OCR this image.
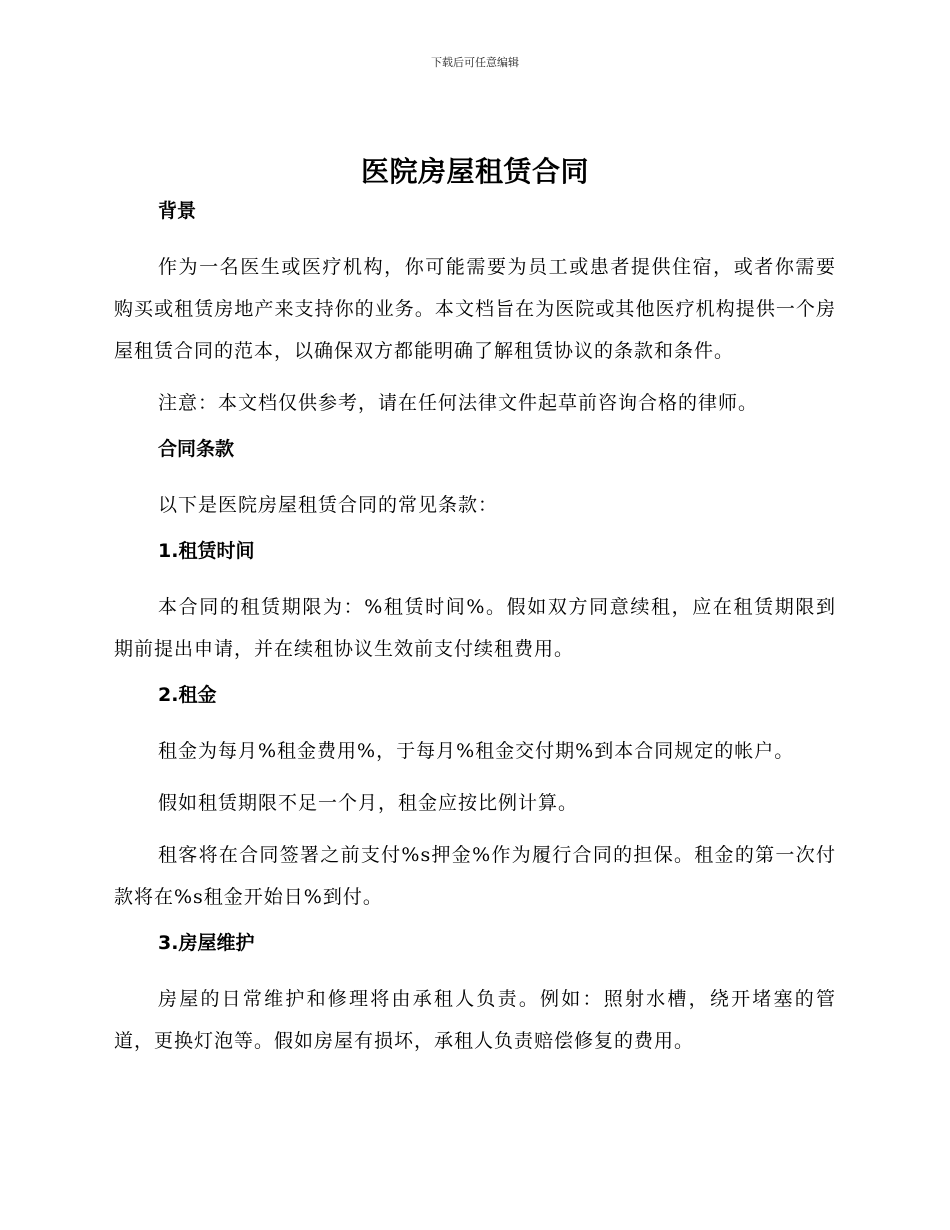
下载后可任意编辑
医院房屋租赁合同
背景

作为一名医生或医疗机构，你可能需要为员工或患者提供住宿，或者你需要购买或租赁房地产来支持你的业务。本文档旨在为医院或其他医疗机构提供一个房屋租赁合同的范本，以确保双方都能明确了解租赁协议的条款和条件。

注意：本文档仅供参考，请在任何法律文件起草前咨询合格的律师。

合同条款

以下是医院房屋租赁合同的常见条款：

1.租赁时间

本合同的租赁期限为：%租赁时间%。假如双方同意续租，应在租赁期限到期前提出申请，并在续租协议生效前支付续租费用。

2.租金

租金为每月%租金费用%，于每月%租金交付期%到本合同规定的帐户。

假如租赁期限不足一个月，租金应按比例计算。

租客将在合同签署之前支付%s押金%作为履行合同的担保。租金的第一次付款将在%s租金开始日%到付。

3.房屋维护

房屋的日常维护和修理将由承租人负责。例如：照射水槽，绕开堵塞的管道，更换灯泡等。假如房屋有损坏，承租人负责赔偿修复的费用。
